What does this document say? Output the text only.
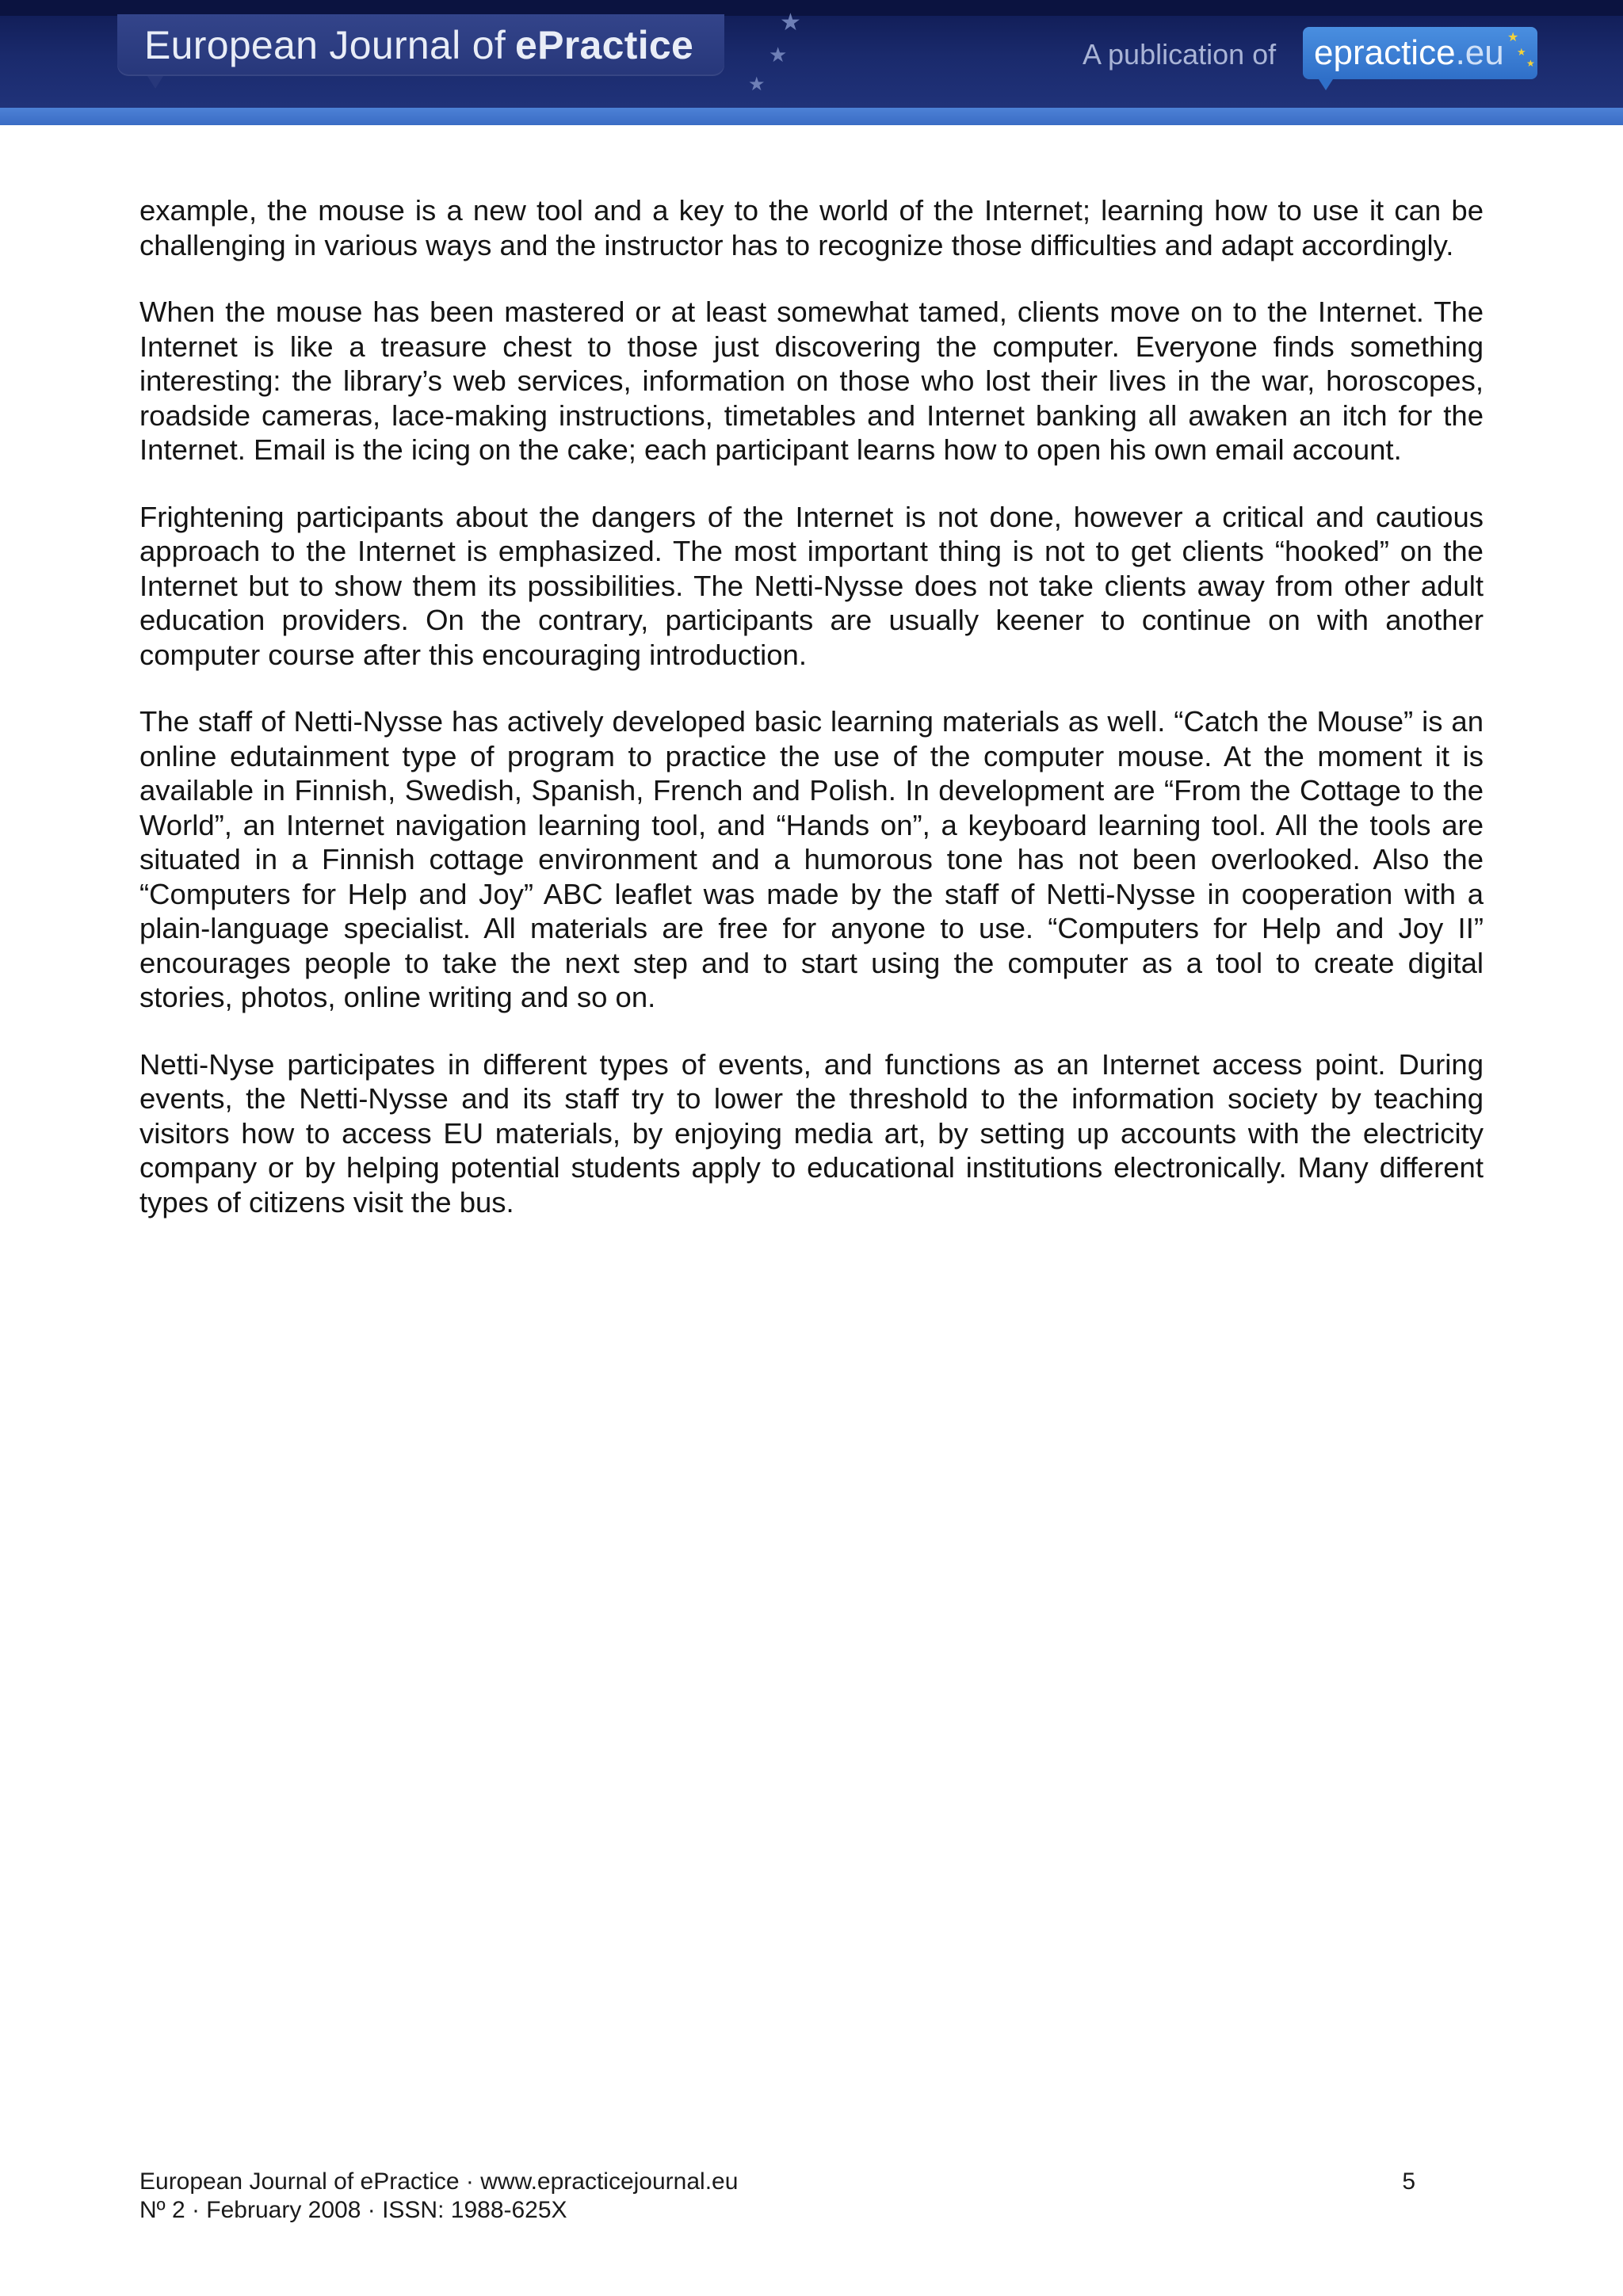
European Journal of ePractice
★
★
★
A publication of epractice.eu ★
★
★

example, the mouse is a new tool and a key to the world of the Internet; learning how to use it can be challenging in various ways and the instructor has to recognize those difficulties and adapt accordingly.

When the mouse has been mastered or at least somewhat tamed, clients move on to the Internet. The Internet is like a treasure chest to those just discovering the computer. Everyone finds something interesting: the library’s web services, information on those who lost their lives in the war, horoscopes, roadside cameras, lace-making instructions, timetables and Internet banking all awaken an itch for the Internet. Email is the icing on the cake; each participant learns how to open his own email account.

Frightening participants about the dangers of the Internet is not done, however a critical and cautious approach to the Internet is emphasized. The most important thing is not to get clients “hooked” on the Internet but to show them its possibilities. The Netti-Nysse does not take clients away from other adult education providers. On the contrary, participants are usually keener to continue on with another computer course after this encouraging introduction.

The staff of Netti-Nysse has actively developed basic learning materials as well. “Catch the Mouse” is an online edutainment type of program to practice the use of the computer mouse. At the moment it is available in Finnish, Swedish, Spanish, French and Polish. In development are “From the Cottage to the World”, an Internet navigation learning tool, and “Hands on”, a keyboard learning tool. All the tools are situated in a Finnish cottage environment and a humorous tone has not been overlooked. Also the “Computers for Help and Joy” ABC leaflet was made by the staff of Netti-Nysse in cooperation with a plain-language specialist. All materials are free for anyone to use. “Computers for Help and Joy II” encourages people to take the next step and to start using the computer as a tool to create digital stories, photos, online writing and so on.

Netti-Nyse participates in different types of events, and functions as an Internet access point. During events, the Netti-Nysse and its staff try to lower the threshold to the information society by teaching visitors how to access EU materials, by enjoying media art, by setting up accounts with the electricity company or by helping potential students apply to educational institutions electronically. Many different types of citizens visit the bus.

European Journal of ePractice · www.epracticejournal.eu
Nº 2 · February 2008 · ISSN: 1988-625X
5
